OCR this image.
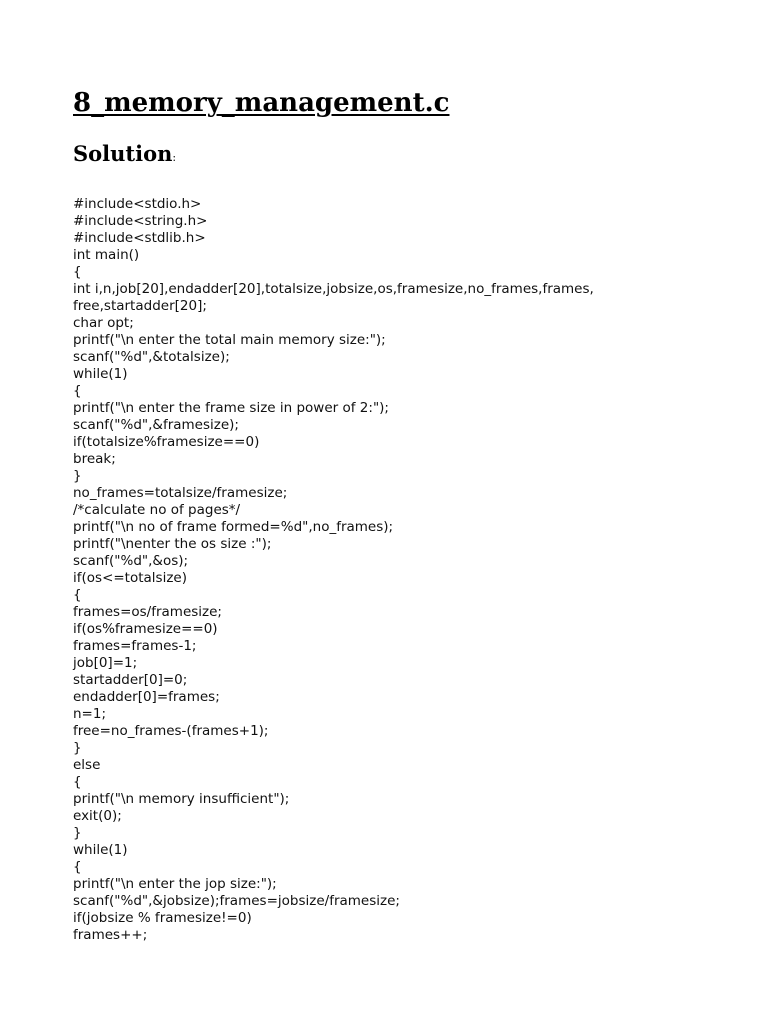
8_memory_management.c
Solution:
#include<stdio.h>
#include<string.h>
#include<stdlib.h>
int main()
{
int i,n,job[20],endadder[20],totalsize,jobsize,os,framesize,no_frames,frames,
free,startadder[20];
char opt;
printf("\n enter the total main memory size:");
scanf("%d",&totalsize);
while(1)
{
printf("\n enter the frame size in power of 2:");
scanf("%d",&framesize);
if(totalsize%framesize==0)
break;
}
no_frames=totalsize/framesize;
/*calculate no of pages*/
printf("\n no of frame formed=%d",no_frames);
printf("\nenter the os size :");
scanf("%d",&os);
if(os<=totalsize)
{
frames=os/framesize;
if(os%framesize==0)
frames=frames-1;
job[0]=1;
startadder[0]=0;
endadder[0]=frames;
n=1;
free=no_frames-(frames+1);
}
else
{
printf("\n memory insufficient");
exit(0);
}
while(1)
{
printf("\n enter the jop size:");
scanf("%d",&jobsize);frames=jobsize/framesize;
if(jobsize % framesize!=0)
frames++;
